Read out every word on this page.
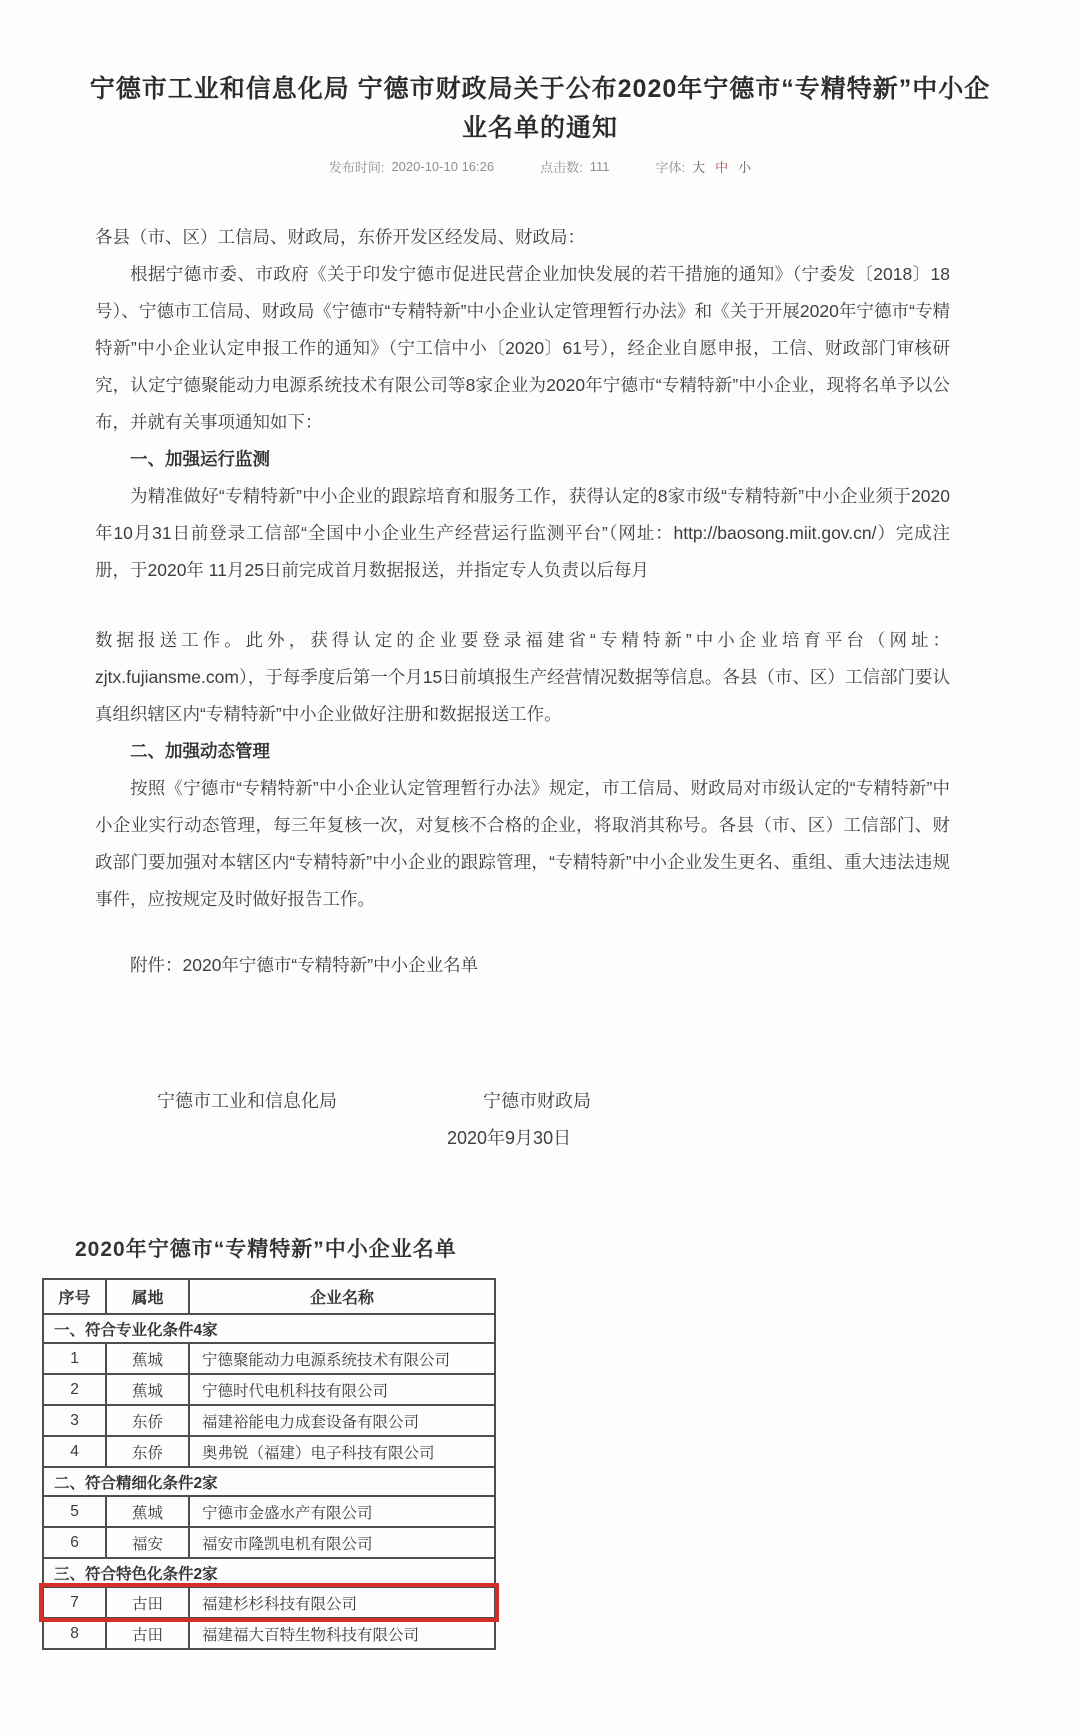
宁德市工业和信息化局 宁德市财政局关于公布2020年宁德市“专精特新”中小企业名单的通知
发布时间: 2020-10-10 16:26	点击数: 111	字体: 大 中 小
各县（市、区）工信局、财政局，东侨开发区经发局、财政局：
根据宁德市委、市政府《关于印发宁德市促进民营企业加快发展的若干措施的通知》（宁委发〔2018〕18号）、宁德市工信局、财政局《宁德市“专精特新”中小企业认定管理暂行办法》和《关于开展2020年宁德市“专精特新”中小企业认定申报工作的通知》（宁工信中小〔2020〕61号），经企业自愿申报，工信、财政部门审核研究，认定宁德聚能动力电源系统技术有限公司等8家企业为2020年宁德市“专精特新”中小企业，现将名单予以公布，并就有关事项通知如下：
一、加强运行监测
为精准做好“专精特新”中小企业的跟踪培育和服务工作，获得认定的8家市级“专精特新”中小企业须于2020年10月31日前登录工信部“全国中小企业生产经营运行监测平台”（网址：http://baosong.miit.gov.cn/）完成注册，于2020年 11月25日前完成首月数据报送，并指定专人负责以后每月
数据报送工作。此外，获得认定的企业要登录福建省“专精特新”中小企业培育平台（网址：zjtx.fujiansme.com），于每季度后第一个月15日前填报生产经营情况数据等信息。各县（市、区）工信部门要认真组织辖区内“专精特新”中小企业做好注册和数据报送工作。
二、加强动态管理
按照《宁德市“专精特新”中小企业认定管理暂行办法》规定，市工信局、财政局对市级认定的“专精特新”中小企业实行动态管理，每三年复核一次，对复核不合格的企业，将取消其称号。各县（市、区）工信部门、财政部门要加强对本辖区内“专精特新”中小企业的跟踪管理，“专精特新”中小企业发生更名、重组、重大违法违规事件，应按规定及时做好报告工作。
附件：2020年宁德市“专精特新”中小企业名单
宁德市工业和信息化局	宁德市财政局
2020年9月30日
2020年宁德市“专精特新”中小企业名单
序号	属地	企业名称
一、符合专业化条件4家		
1	蕉城	宁德聚能动力电源系统技术有限公司
2	蕉城	宁德时代电机科技有限公司
3	东侨	福建裕能电力成套设备有限公司
4	东侨	奥弗锐（福建）电子科技有限公司
二、符合精细化条件2家		
5	蕉城	宁德市金盛水产有限公司
6	福安	福安市隆凯电机有限公司
三、符合特色化条件2家		
7	古田	福建杉杉科技有限公司
8	古田	福建福大百特生物科技有限公司
